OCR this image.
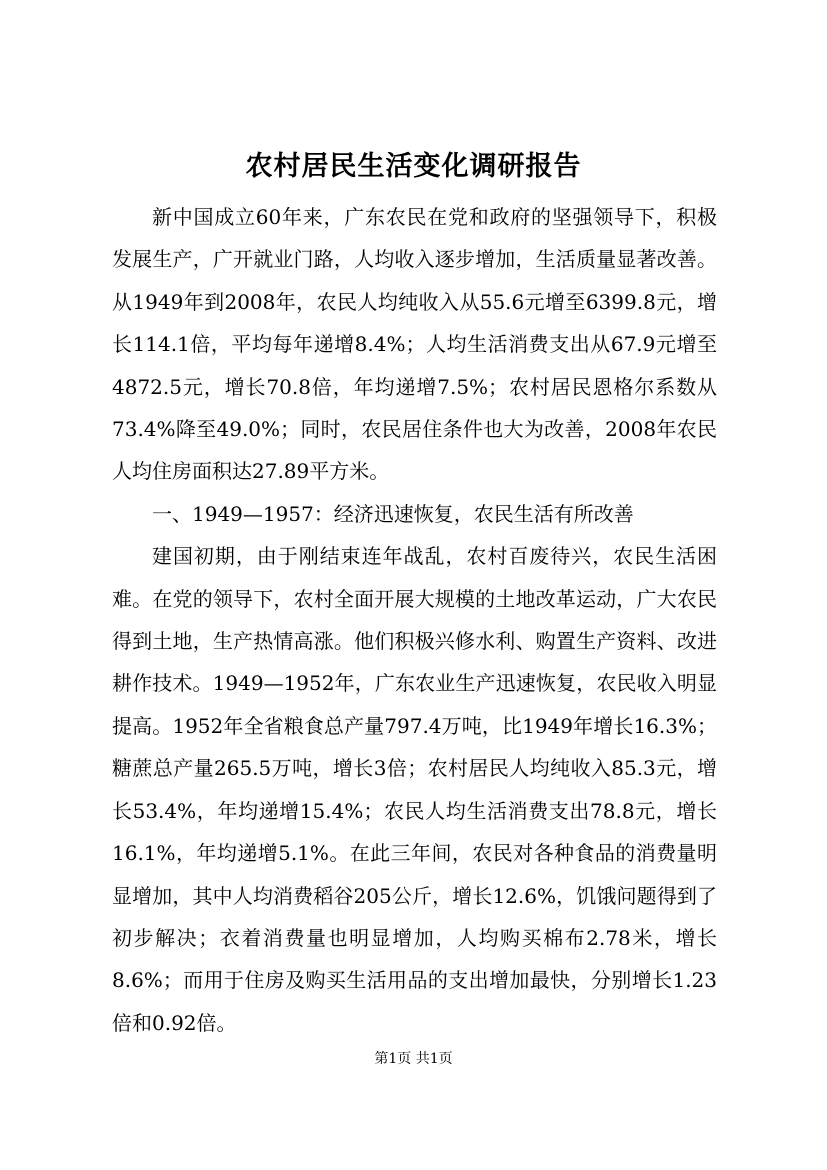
农村居民生活变化调研报告

新中国成立60年来，广东农民在党和政府的坚强领导下，积极发展生产，广开就业门路，人均收入逐步增加，生活质量显著改善。从1949年到2008年，农民人均纯收入从55.6元增至6399.8元，增长114.1倍，平均每年递增8.4%；人均生活消费支出从67.9元增至4872.5元，增长70.8倍，年均递增7.5%；农村居民恩格尔系数从73.4%降至49.0%；同时，农民居住条件也大为改善，2008年农民人均住房面积达27.89平方米。

一、1949—1957：经济迅速恢复，农民生活有所改善

建国初期，由于刚结束连年战乱，农村百废待兴，农民生活困难。在党的领导下，农村全面开展大规模的土地改革运动，广大农民得到土地，生产热情高涨。他们积极兴修水利、购置生产资料、改进耕作技术。1949—1952年，广东农业生产迅速恢复，农民收入明显提高。1952年全省粮食总产量797.4万吨，比1949年增长16.3%；糖蔗总产量265.5万吨，增长3倍；农村居民人均纯收入85.3元，增长53.4%，年均递增15.4%；农民人均生活消费支出78.8元，增长16.1%，年均递增5.1%。在此三年间，农民对各种食品的消费量明显增加，其中人均消费稻谷205公斤，增长12.6%，饥饿问题得到了初步解决；衣着消费量也明显增加，人均购买棉布2.78米，增长8.6%；而用于住房及购买生活用品的支出增加最快，分别增长1.23倍和0.92倍。

第1页 共1页
